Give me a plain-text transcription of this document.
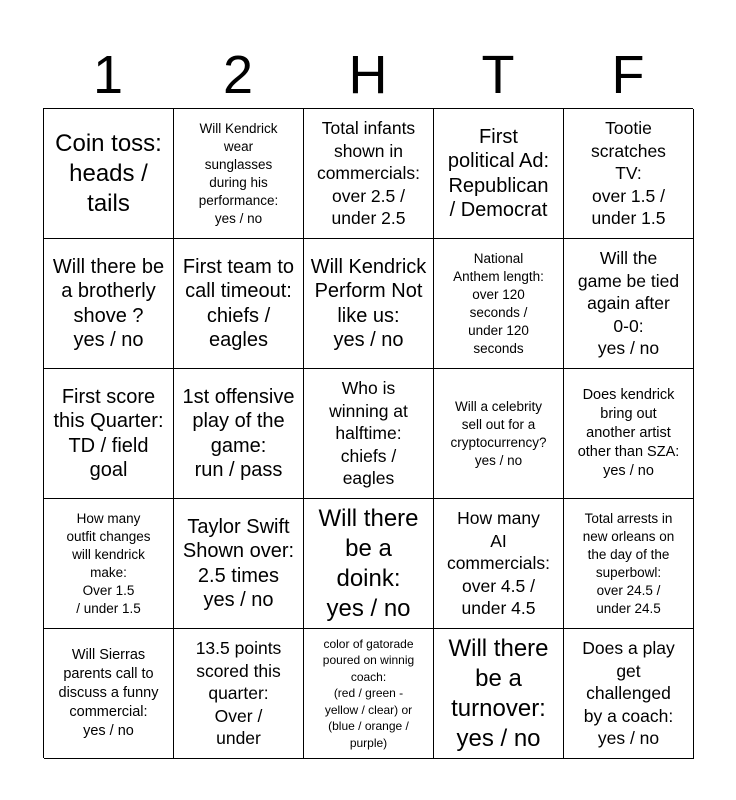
1	2	H	T	F
Coin toss:
heads /
tails
Will Kendrick
wear
sunglasses
during his
performance:
yes / no
Total infants
shown in
commercials:
over 2.5 /
under 2.5
First
political Ad:
Republican
/ Democrat
Tootie
scratches
TV:
over 1.5 /
under 1.5
Will there be
a brotherly
shove ?
yes / no
First team to
call timeout:
chiefs /
eagles
Will Kendrick
Perform Not
like us:
yes / no
National
Anthem length:
over 120
seconds /
under 120
seconds
Will the
game be tied
again after
0-0:
yes / no
First score
this Quarter:
TD / field
goal
1st offensive
play of the
game:
run / pass
Who is
winning at
halftime:
chiefs /
eagles
Will a celebrity
sell out for a
cryptocurrency?
yes / no
Does kendrick
bring out
another artist
other than SZA:
yes / no
How many
outfit changes
will kendrick
make:
Over 1.5
/ under 1.5
Taylor Swift
Shown over:
2.5 times
yes / no
Will there
be a
doink:
yes / no
How many
AI
commercials:
over 4.5 /
under 4.5
Total arrests in
new orleans on
the day of the
superbowl:
over 24.5 /
under 24.5
Will Sierras
parents call to
discuss a funny
commercial:
yes / no
13.5 points
scored this
quarter:
Over /
under
color of gatorade
poured on winnig
coach:
(red / green -
yellow / clear) or
(blue / orange /
purple)
Will there
be a
turnover:
yes / no
Does a play
get
challenged
by a coach:
yes / no
